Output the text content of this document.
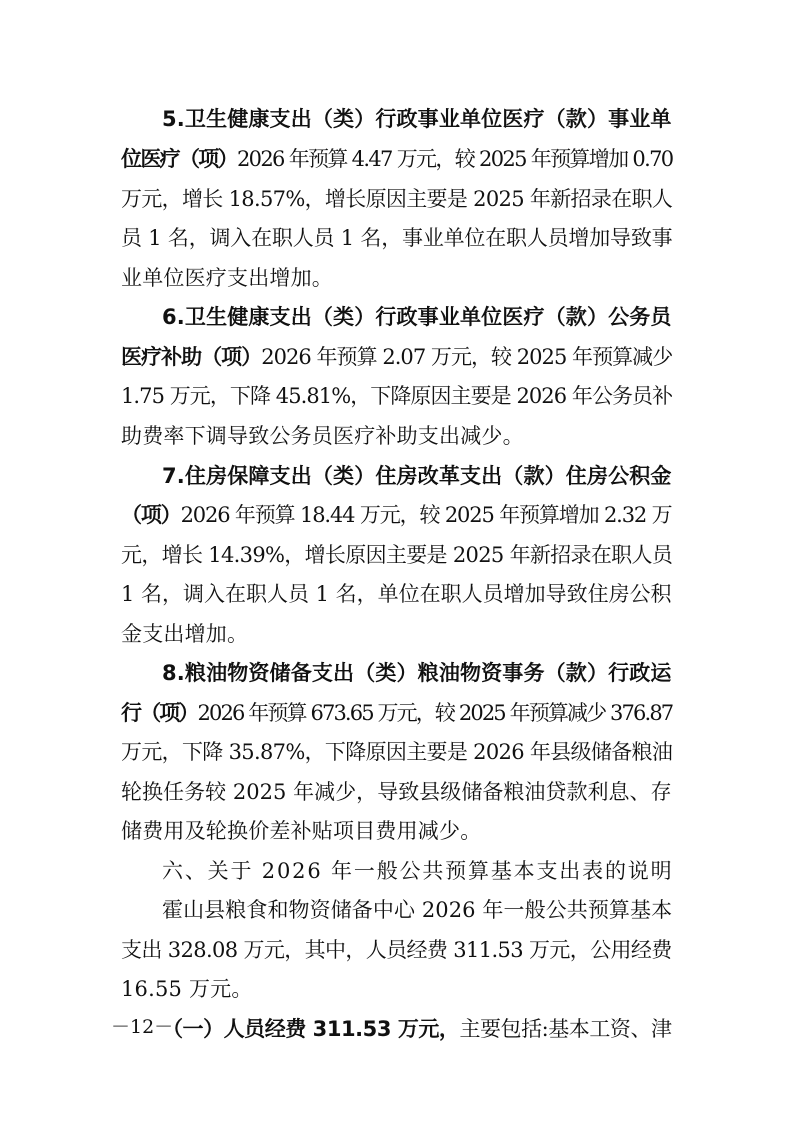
5.卫生健康支出（类）行政事业单位医疗（款）事业单
位医疗（项）2026 年预算 4.47 万元，较 2025 年预算增加 0.70
万元，增长 18.57%，增长原因主要是 2025 年新招录在职人
员 1 名，调入在职人员 1 名，事业单位在职人员增加导致事
业单位医疗支出增加。
6.卫生健康支出（类）行政事业单位医疗（款）公务员
医疗补助（项）2026 年预算 2.07 万元，较 2025 年预算减少
1.75 万元，下降 45.81%，下降原因主要是 2026 年公务员补
助费率下调导致公务员医疗补助支出减少。
7.住房保障支出（类）住房改革支出（款）住房公积金
（项）2026 年预算 18.44 万元，较 2025 年预算增加 2.32 万
元，增长 14.39%，增长原因主要是 2025 年新招录在职人员
1 名，调入在职人员 1 名，单位在职人员增加导致住房公积
金支出增加。
8.粮油物资储备支出（类）粮油物资事务（款）行政运
行（项）2026 年预算 673.65 万元，较 2025 年预算减少 376.87
万元，下降 35.87%，下降原因主要是 2026 年县级储备粮油
轮换任务较 2025 年减少，导致县级储备粮油贷款利息、存
储费用及轮换价差补贴项目费用减少。
六、关于 2026 年一般公共预算基本支出表的说明
霍山县粮食和物资储备中心 2026 年一般公共预算基本
支出 328.08 万元，其中，人员经费 311.53 万元，公用经费
16.55 万元。
（一）人员经费 311.53 万元，主要包括:基本工资、津
－12－
